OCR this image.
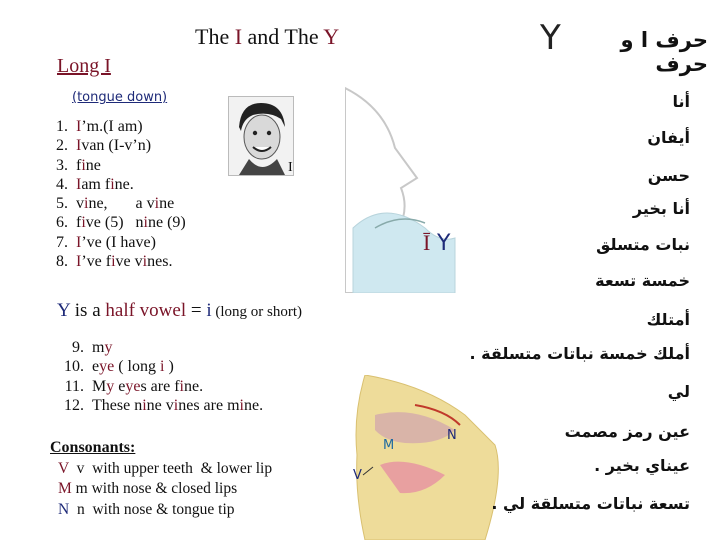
The I and The Y
Long I
(tongue down)
I
1. I ’m.(I am)
2. I van (I-v’n)
3. f i ne
4. I am f i ne.
5. v i ne,       a v i ne
6. f i ve (5)   n i ne (9)
7. I ’ve (I have)
8. I ’ve f i ve v i nes.
Y is a half vowel = i (long or short)
9. m y
10. e ye ( long i )
11. M y e ye s are f i ne.
12. These n i ne v i nes are m i ne.
Consonants:
V  v  with upper teeth  & lower lip
M m with nose & closed lips
N  n  with nose & tongue tip
Ī Y
M
N
V
Y	حرف ا و حرف
أنا
أيفان
حسن
أنا بخير
نبات متسلق
خمسة تسعة
أمتلك
أملك خمسة نباتات متسلقة .
لي
عين رمز مصمت
عيناي بخير .
تسعة نباتات متسلقة لي .
